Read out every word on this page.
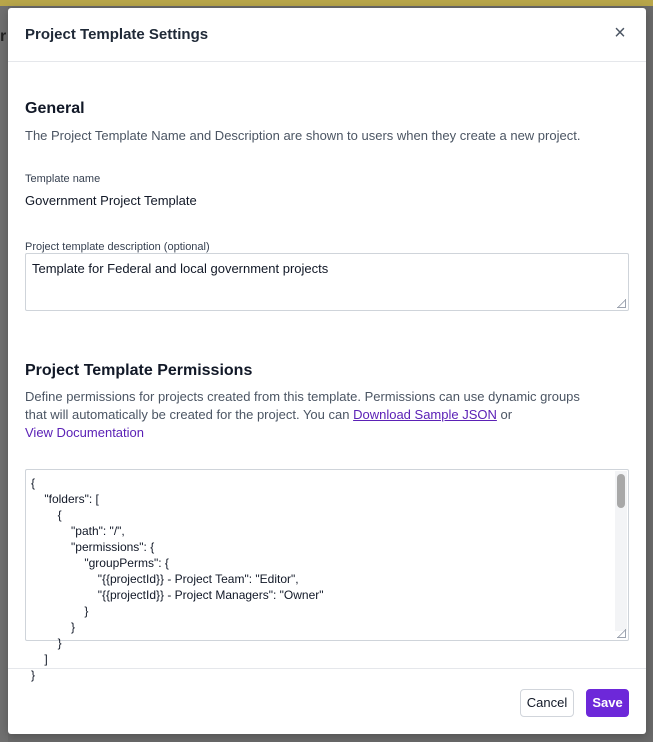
r Project Template Settings	×
General
The Project Template Name and Description are shown to users when they create a new project.
Template name
Government Project Template
Project template description (optional)
Template for Federal and local government projects
Project Template Permissions
Define permissions for projects created from this template. Permissions can use dynamic groups
that will automatically be created for the project. You can Download Sample JSON or
View Documentation
{
	"folders": [
		{
			"path": "/",
			"permissions": {
				"groupPerms": {
					"{{projectId}} - Project Team": "Editor",
					"{{projectId}} - Project Managers": "Owner"
				}
			}
		}
	]
}
Cancel	Save
